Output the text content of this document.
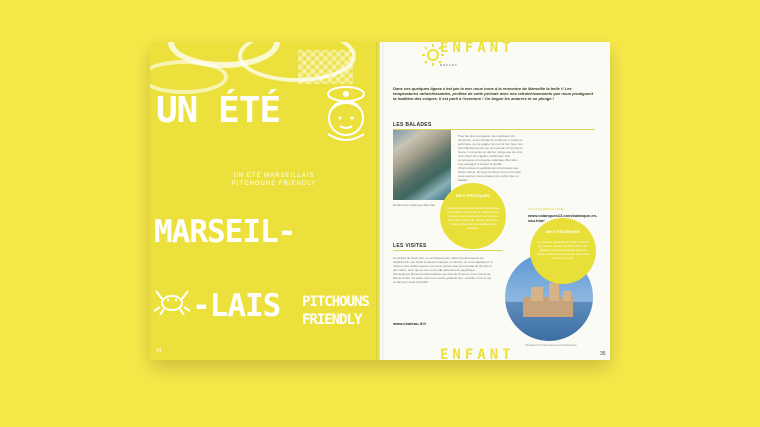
UN ÉTÉ
UN ÉTÉ MARSEILLAIS
PITCHOUNE FRIENDLY
MARSEIL-
-LAIS PITCHOUNS
FRIENDLY
34
ENFANT
ENFANT
Dans ces quelques lignes c'est par la mer nous irons à la rencontre de Marseille la belle !! Les températures rafraîchissantes, profitez de cette période avec nos rafraîchissements que nous prodiguent la tradition des criques. Il est parti à l'aventure ! On largue les amarres et on plonge !
LES BALADES
Randonnée Calanque d'En-Vau
Pour les plus courageux, les marcheurs du dimanche, et les friands de surprises, il existe un petit ligne, qui ne gagne rien par la mer (pour les plus flambeurs) est une promenade d'une bonne heure. Il est après un dernier virage que les pins et le chant des cigales, d'effet bien plus somptueuse et turquoise calanque d'En-Vau... Les paysages à couper le souffle d'harmoniseront parfaitement à la beauté des fonds marins. Et vous prendrez un bon bol d'air, vous pourrez vous extasier plus qu'En Vau en balade !
INFO PRATIQUES
Le parking situé entre la rue Bau Rouge, la meilleure moyen de se rendre à vos criques. Les randonneurs sont en été avec 30 minutes de marche depuis le parking. Des sentiers balisés sont indiqués.
CALANQUES13.COM
www.calanques13.com/calanque-en-vau.html
LES VISITES
Au départ du vieux port, on embarque pour partir à la découverte du château d'If. Les récits évoquent l'époque et culturel, on vous apprêterez le frissons des vieilles pierres, les vieux grottes que promenade du chemin et des rades, ainsi que la vue sur la ville absolument magnifique. Monseigneur Bonnet emblématiques aux fins de l'homme et au Comte de Monte Cristo. La visite vous est ouverte gratuitement, réveillez-vous et qui se fait pour toute la famille.
www.chateau-if.fr
Château d'If, Monument au Patrimoine
INFO PRATIQUES
Le château est ouvert le matin et en fin de journée, ouvert de 10h à 17h. Une vigilance est recommandée avec les jeunes enfants pour tous les accès des visites de le site.
ENFANT	35
